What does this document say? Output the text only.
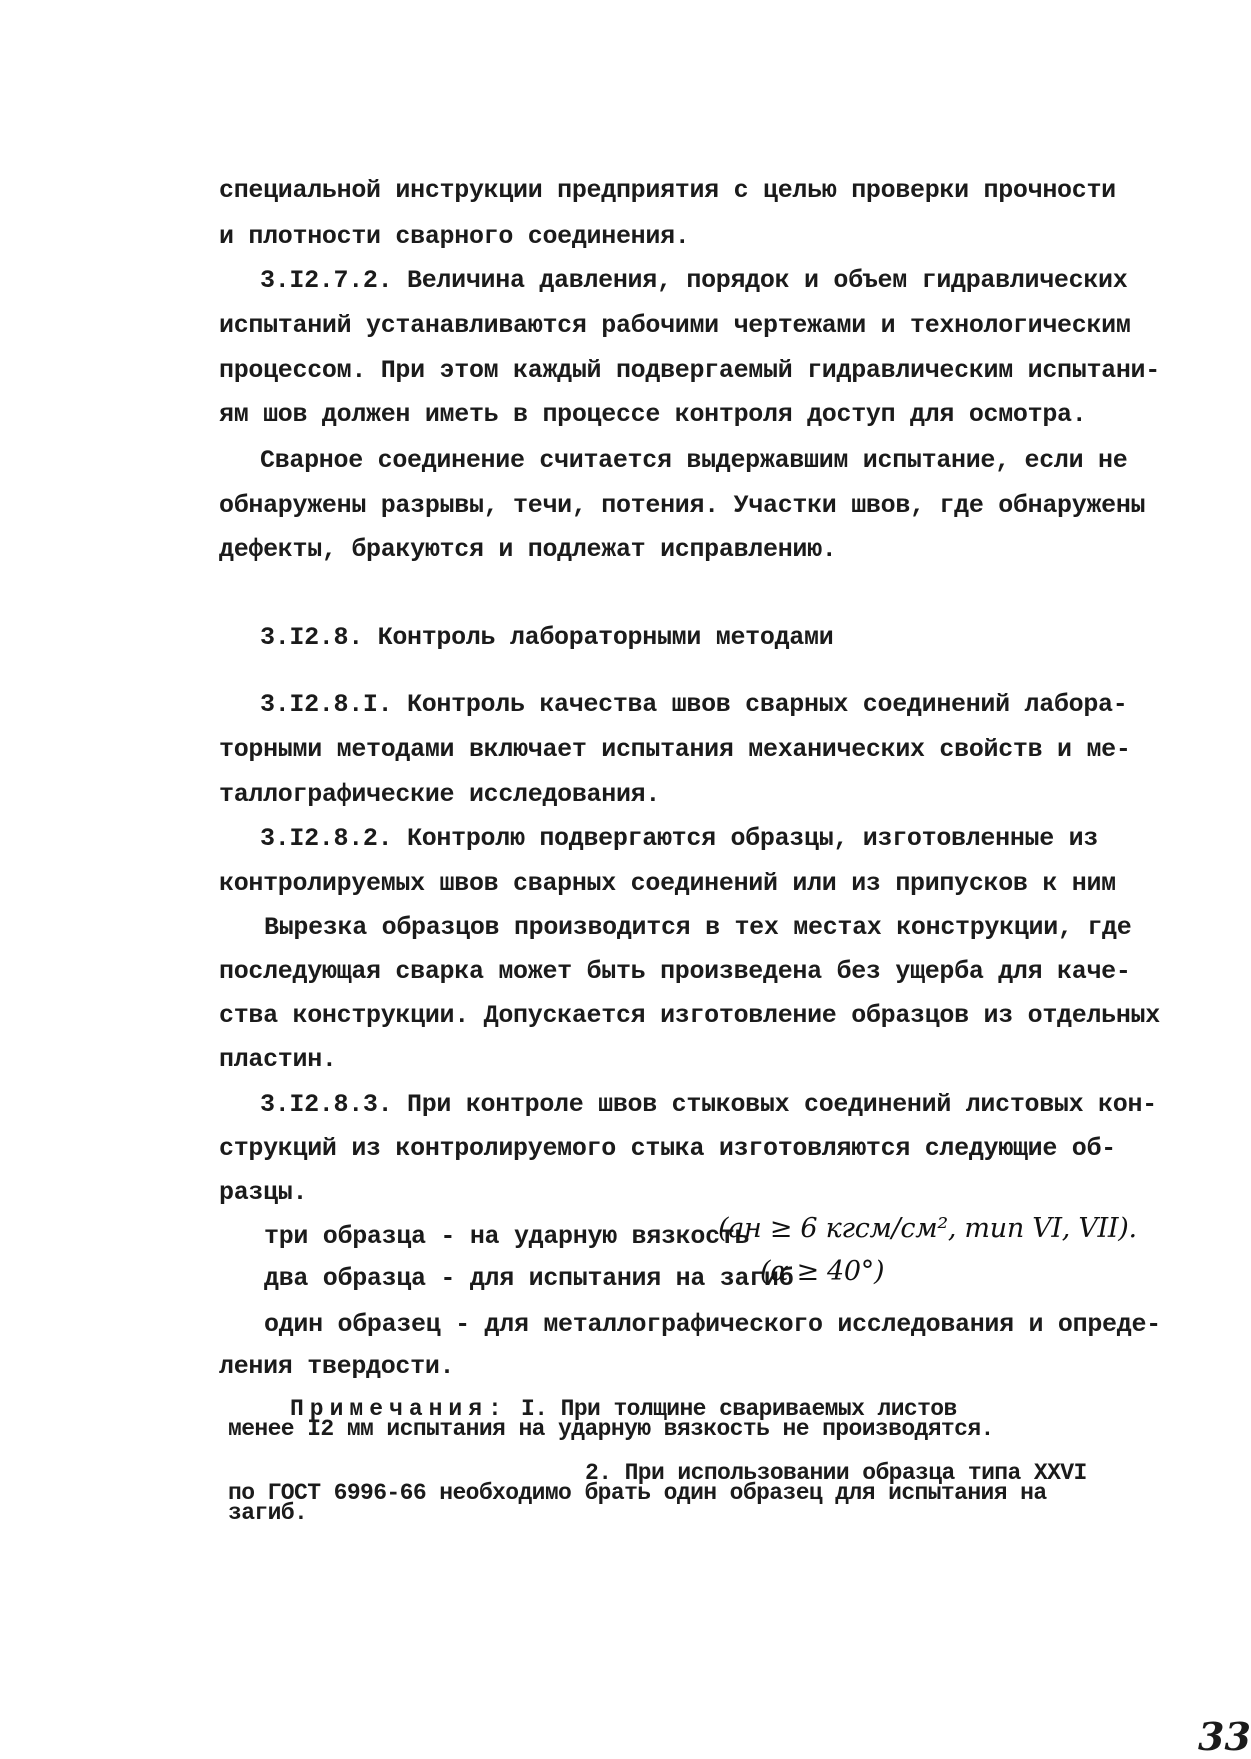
специальной инструкции предприятия с целью проверки прочности
и плотности сварного соединения.
3.I2.7.2. Величина давления, порядок и объем гидравлических
испытаний устанавливаются рабочими чертежами и технологическим
процессом. При этом каждый подвергаемый гидравлическим испытани-
ям шов должен иметь в процессе контроля доступ для осмотра.
Сварное соединение считается выдержавшим испытание, если не
обнаружены разрывы, течи, потения. Участки швов, где обнаружены
дефекты, бракуются и подлежат исправлению.
3.I2.8. Контроль лабораторными методами
3.I2.8.I. Контроль качества швов сварных соединений лабора-
торными методами включает испытания механических свойств и ме-
таллографические исследования.
3.I2.8.2. Контролю подвергаются образцы, изготовленные из
контролируемых швов сварных соединений или из припусков к ним
Вырезка образцов производится в тех местах конструкции, где
последующая сварка может быть произведена без ущерба для каче-
ства конструкции. Допускается изготовление образцов из отдельных
пластин.
3.I2.8.3. При контроле швов стыковых соединений листовых кон-
струкций из контролируемого стыка изготовляются следующие об-
разцы.
три образца - на ударную вязкость
(aн ≥ 6 кгсм/см², тип VI, VII).
два образца - для испытания на загиб
(α ≥ 40°)
один образец - для металлографического исследования и опреде-
ления твердости.
Примечания: I. При толщине свариваемых листов
менее I2 мм испытания на ударную вязкость не производятся.
2. При использовании образца типа XXVI
по ГОСТ 6996-66 необходимо брать один образец для испытания на
загиб.
33
